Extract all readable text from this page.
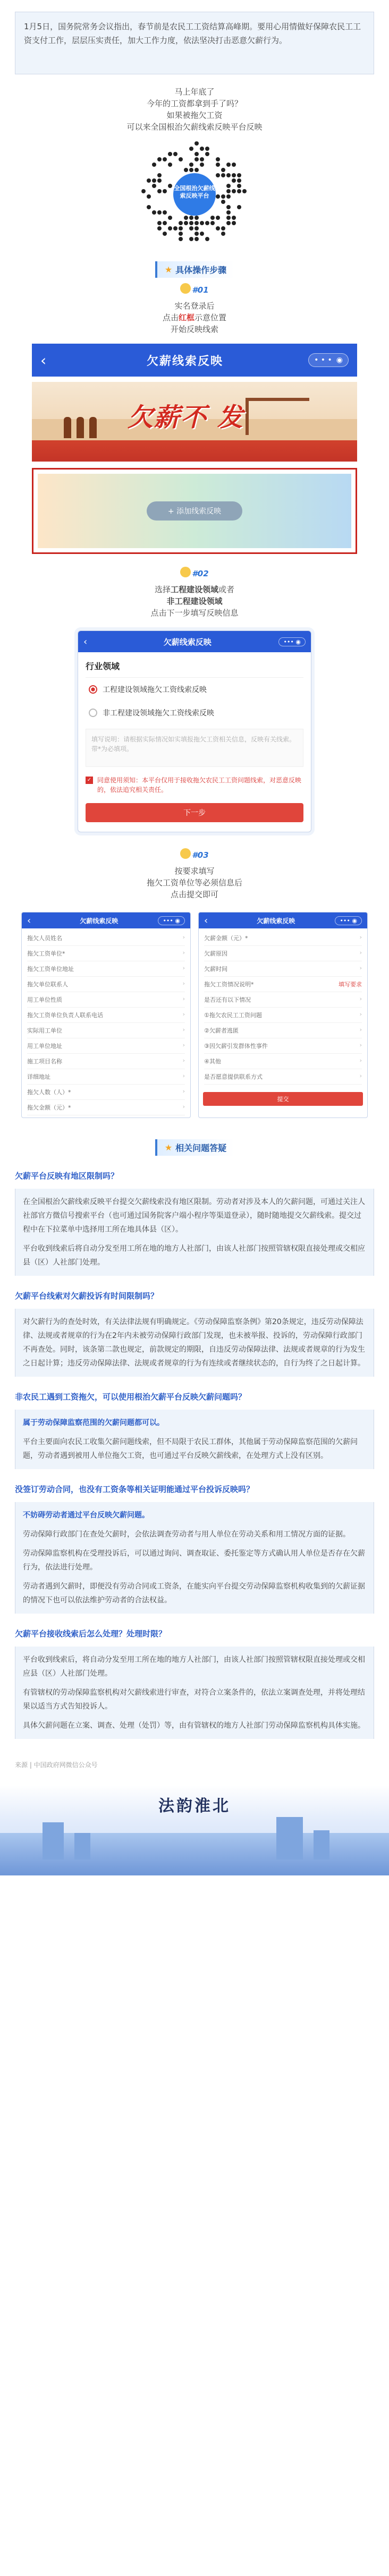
1月5日，国务院常务会议指出，春节前是农民工工资结算高峰期。要用心用情做好保障农民工工资支付工作，层层压实责任，加大工作力度，依法坚决打击恶意欠薪行为。

马上年底了
今年的工资都拿到手了吗？
如果被拖欠工资
可以来全国根治欠薪线索反映平台反映
全国根治欠薪线索反映平台
★ 具体操作步骤
#01
实名登录后
点击红框示意位置
开始反映线索
‹	欠薪线索反映	• • • ◉
欠薪不 发
+ 添加线索反映
#02
选择工程建设领域或者
非工程建设领域
点击下一步填写反映信息
‹	欠薪线索反映	••• ◉
行业领域
工程建设领域拖欠工资线索反映
非工程建设领域拖欠工资线索反映
填写说明：请根据实际情况如实填报拖欠工资相关信息，反映有关线索。带*为必填项。
✓ 同意使用须知：本平台仅用于接收拖欠农民工工资问题线索，对恶意反映的，依法追究相关责任。
下一步
#03
按要求填写
拖欠工资单位等必须信息后
点击提交即可
‹	欠薪线索反映	••• ◉
拖欠人员姓名	›
拖欠工资单位*	›
拖欠工资单位地址	›
拖欠单位联系人	›
用工单位性质	›
拖欠工资单位负责人联系电话	›
实际用工单位	›
用工单位地址	›
施工项目名称	›
详细地址	›
拖欠人数（人）*	›
拖欠金额（元）*	›
‹	欠薪线索反映	••• ◉
欠薪金额（元）*	›
欠薪原因	›
欠薪时间	›
拖欠工资情况说明*	填写要求
是否还有以下情况	›
①拖欠农民工工资问题	›
②欠薪者逃匿	›
③因欠薪引发群体性事件	›
④其他	›
是否愿意提供联系方式	›
提交
★ 相关问题答疑
欠薪平台反映有地区限制吗？

在全国根治欠薪线索反映平台提交欠薪线索没有地区限制。劳动者对涉及本人的欠薪问题，可通过关注人社部官方微信号搜索平台（也可通过国务院客户端小程序等渠道登录），随时随地提交欠薪线索。提交过程中在下拉菜单中选择用工所在地具体县（区）。

平台收到线索后将自动分发至用工所在地的地方人社部门，由该人社部门按照管辖权限直接处理或交相应县（区）人社部门处理。

欠薪平台线索对欠薪投诉有时间限制吗？

对欠薪行为的查处时效，有关法律法规有明确规定。《劳动保障监察条例》第20条规定，违反劳动保障法律、法规或者规章的行为在2年内未被劳动保障行政部门发现，也未被举报、投诉的，劳动保障行政部门不再查处。同时，该条第二款也规定，前款规定的期限，自违反劳动保障法律、法规或者规章的行为发生之日起计算；违反劳动保障法律、法规或者规章的行为有连续或者继续状态的，自行为终了之日起计算。

非农民工遇到工资拖欠，可以使用根治欠薪平台反映欠薪问题吗？

属于劳动保障监察范围的欠薪问题都可以。

平台主要面向农民工收集欠薪问题线索，但不局限于农民工群体，其他属于劳动保障监察范围的欠薪问题，劳动者遇到被用人单位拖欠工资，也可通过平台反映欠薪线索，在处理方式上没有区别。

没签订劳动合同，也没有工资条等相关证明能通过平台投诉反映吗？

不妨碍劳动者通过平台反映欠薪问题。

劳动保障行政部门在查处欠薪时，会依法调查劳动者与用人单位在劳动关系和用工情况方面的证据。

劳动保障监察机构在受理投诉后，可以通过询问、调查取证、委托鉴定等方式确认用人单位是否存在欠薪行为，依法进行处理。

劳动者遇到欠薪时，即便没有劳动合同或工资条，在能实向平台提交劳动保障监察机构收集到的欠薪证据的情况下也可以依法维护劳动者的合法权益。

欠薪平台接收线索后怎么处理？处理时限？

平台收到线索后，将自动分发至用工所在地的地方人社部门，由该人社部门按照管辖权限直接处理或交相应县（区）人社部门处理。

有管辖权的劳动保障监察机构对欠薪线索进行审查，对符合立案条件的，依法立案调查处理，并将处理结果以适当方式告知投诉人。

具体欠薪问题在立案、调查、处理（处罚）等，由有管辖权的地方人社部门劳动保障监察机构具体实施。

来源 | 中国政府网微信公众号
法韵淮北
